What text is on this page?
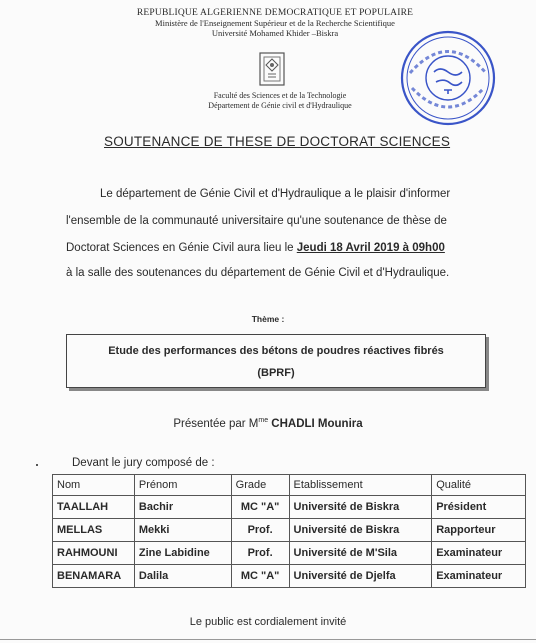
REPUBLIQUE ALGERIENNE DEMOCRATIQUE ET POPULAIRE
Ministère de l'Enseignement Supérieur et de la Recherche Scientifique
Université Mohamed Khider –Biskra
Faculté des Sciences et de la Technologie
Département de Génie civil et d'Hydraulique
SOUTENANCE DE THESE DE DOCTORAT SCIENCES
Le département de Génie Civil et d'Hydraulique a le plaisir d'informer
l'ensemble de la communauté universitaire qu'une soutenance de thèse de
Doctorat Sciences en Génie Civil aura lieu le Jeudi 18 Avril 2019 à 09h00
à la salle des soutenances du département de Génie Civil et d'Hydraulique.
Thème :
Etude des performances des bétons de poudres réactives fibrés
(BPRF)
Présentée par $M^{me}$ CHADLI Mounira
Devant le jury composé de :
Nom	Prénom	Grade	Etablissement	Qualité
TAALLAH	Bachir	MC "A"	Université de Biskra	Président
MELLAS	Mekki	Prof.	Université de Biskra	Rapporteur
RAHMOUNI	Zine Labidine	Prof.	Université de M'Sila	Examinateur
BENAMARA	Dalila	MC "A"	Université de Djelfa	Examinateur
Le public est cordialement invité
